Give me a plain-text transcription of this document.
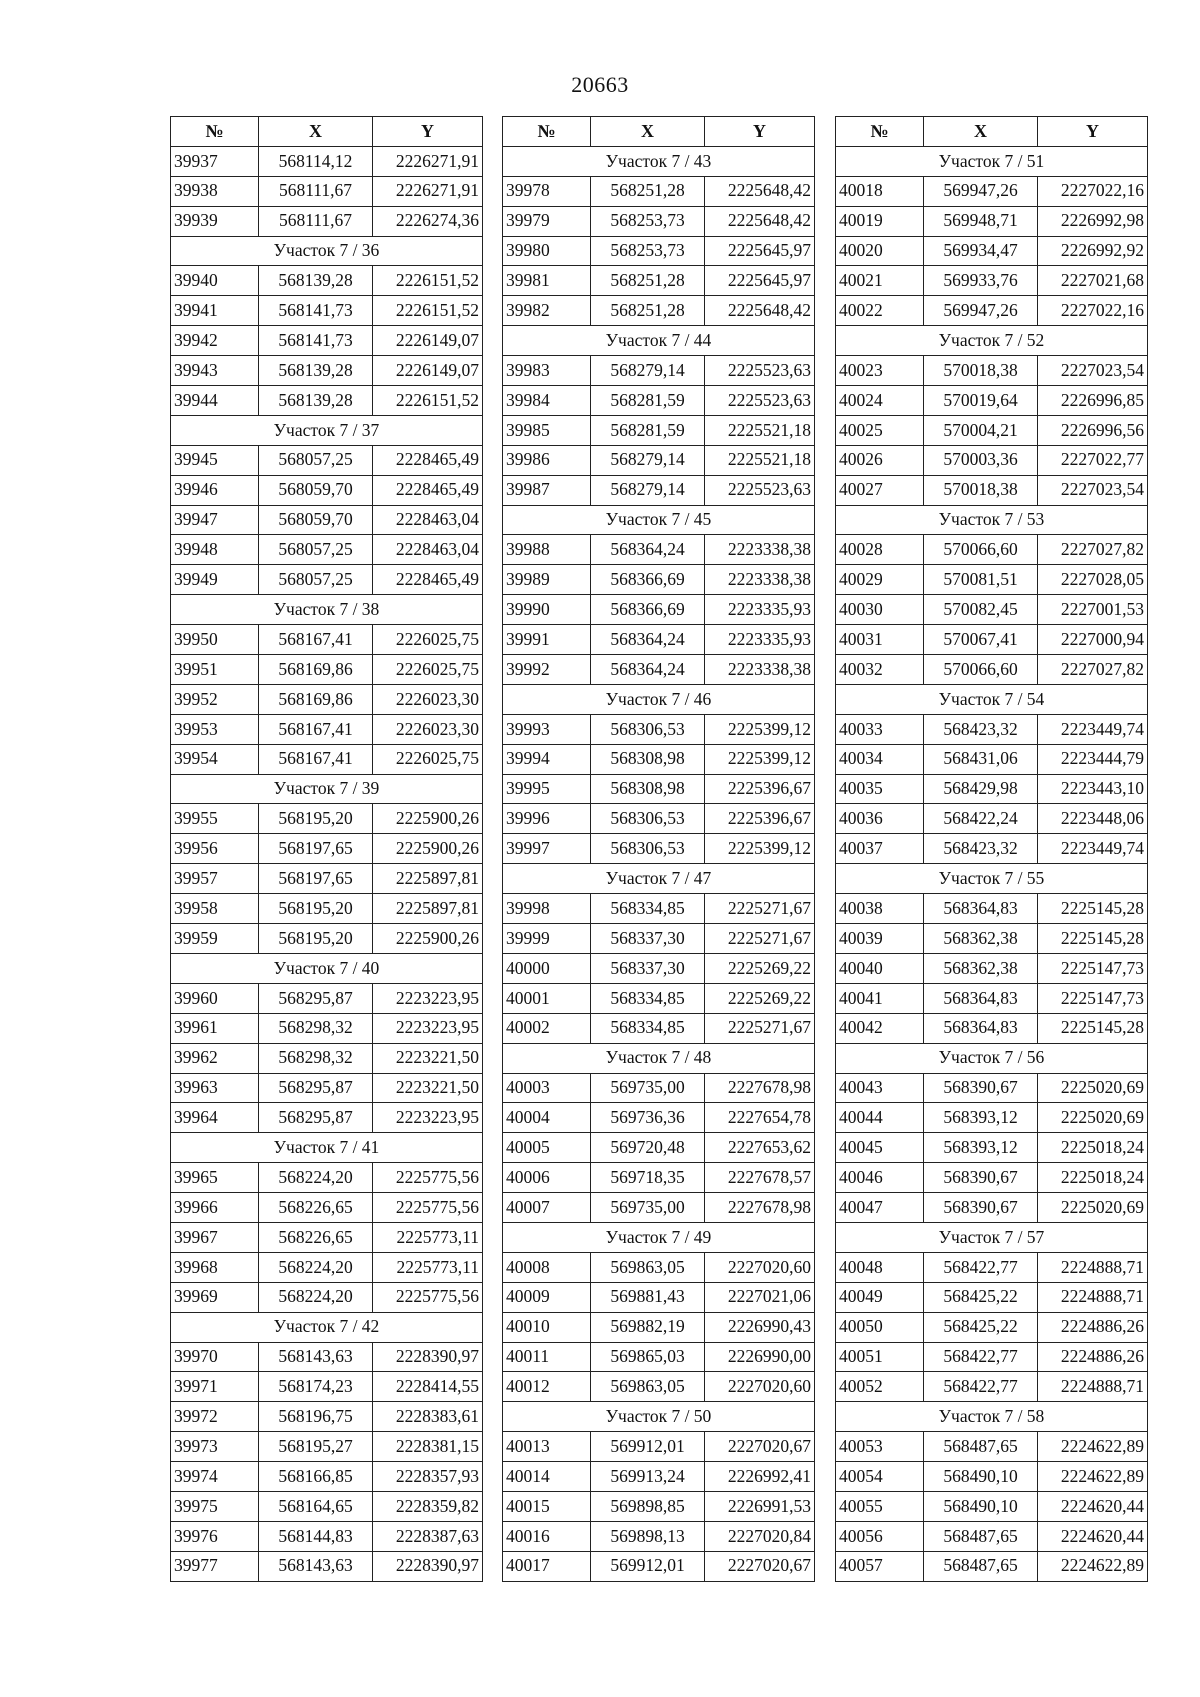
20663
№	X	Y
39937	568114,12	2226271,91
39938	568111,67	2226271,91
39939	568111,67	2226274,36
Участок 7 / 36		
39940	568139,28	2226151,52
39941	568141,73	2226151,52
39942	568141,73	2226149,07
39943	568139,28	2226149,07
39944	568139,28	2226151,52
Участок 7 / 37		
39945	568057,25	2228465,49
39946	568059,70	2228465,49
39947	568059,70	2228463,04
39948	568057,25	2228463,04
39949	568057,25	2228465,49
Участок 7 / 38		
39950	568167,41	2226025,75
39951	568169,86	2226025,75
39952	568169,86	2226023,30
39953	568167,41	2226023,30
39954	568167,41	2226025,75
Участок 7 / 39		
39955	568195,20	2225900,26
39956	568197,65	2225900,26
39957	568197,65	2225897,81
39958	568195,20	2225897,81
39959	568195,20	2225900,26
Участок 7 / 40		
39960	568295,87	2223223,95
39961	568298,32	2223223,95
39962	568298,32	2223221,50
39963	568295,87	2223221,50
39964	568295,87	2223223,95
Участок 7 / 41		
39965	568224,20	2225775,56
39966	568226,65	2225775,56
39967	568226,65	2225773,11
39968	568224,20	2225773,11
39969	568224,20	2225775,56
Участок 7 / 42		
39970	568143,63	2228390,97
39971	568174,23	2228414,55
39972	568196,75	2228383,61
39973	568195,27	2228381,15
39974	568166,85	2228357,93
39975	568164,65	2228359,82
39976	568144,83	2228387,63
39977	568143,63	2228390,97
№	X	Y
Участок 7 / 43		
39978	568251,28	2225648,42
39979	568253,73	2225648,42
39980	568253,73	2225645,97
39981	568251,28	2225645,97
39982	568251,28	2225648,42
Участок 7 / 44		
39983	568279,14	2225523,63
39984	568281,59	2225523,63
39985	568281,59	2225521,18
39986	568279,14	2225521,18
39987	568279,14	2225523,63
Участок 7 / 45		
39988	568364,24	2223338,38
39989	568366,69	2223338,38
39990	568366,69	2223335,93
39991	568364,24	2223335,93
39992	568364,24	2223338,38
Участок 7 / 46		
39993	568306,53	2225399,12
39994	568308,98	2225399,12
39995	568308,98	2225396,67
39996	568306,53	2225396,67
39997	568306,53	2225399,12
Участок 7 / 47		
39998	568334,85	2225271,67
39999	568337,30	2225271,67
40000	568337,30	2225269,22
40001	568334,85	2225269,22
40002	568334,85	2225271,67
Участок 7 / 48		
40003	569735,00	2227678,98
40004	569736,36	2227654,78
40005	569720,48	2227653,62
40006	569718,35	2227678,57
40007	569735,00	2227678,98
Участок 7 / 49		
40008	569863,05	2227020,60
40009	569881,43	2227021,06
40010	569882,19	2226990,43
40011	569865,03	2226990,00
40012	569863,05	2227020,60
Участок 7 / 50		
40013	569912,01	2227020,67
40014	569913,24	2226992,41
40015	569898,85	2226991,53
40016	569898,13	2227020,84
40017	569912,01	2227020,67
№	X	Y
Участок 7 / 51		
40018	569947,26	2227022,16
40019	569948,71	2226992,98
40020	569934,47	2226992,92
40021	569933,76	2227021,68
40022	569947,26	2227022,16
Участок 7 / 52		
40023	570018,38	2227023,54
40024	570019,64	2226996,85
40025	570004,21	2226996,56
40026	570003,36	2227022,77
40027	570018,38	2227023,54
Участок 7 / 53		
40028	570066,60	2227027,82
40029	570081,51	2227028,05
40030	570082,45	2227001,53
40031	570067,41	2227000,94
40032	570066,60	2227027,82
Участок 7 / 54		
40033	568423,32	2223449,74
40034	568431,06	2223444,79
40035	568429,98	2223443,10
40036	568422,24	2223448,06
40037	568423,32	2223449,74
Участок 7 / 55		
40038	568364,83	2225145,28
40039	568362,38	2225145,28
40040	568362,38	2225147,73
40041	568364,83	2225147,73
40042	568364,83	2225145,28
Участок 7 / 56		
40043	568390,67	2225020,69
40044	568393,12	2225020,69
40045	568393,12	2225018,24
40046	568390,67	2225018,24
40047	568390,67	2225020,69
Участок 7 / 57		
40048	568422,77	2224888,71
40049	568425,22	2224888,71
40050	568425,22	2224886,26
40051	568422,77	2224886,26
40052	568422,77	2224888,71
Участок 7 / 58		
40053	568487,65	2224622,89
40054	568490,10	2224622,89
40055	568490,10	2224620,44
40056	568487,65	2224620,44
40057	568487,65	2224622,89
